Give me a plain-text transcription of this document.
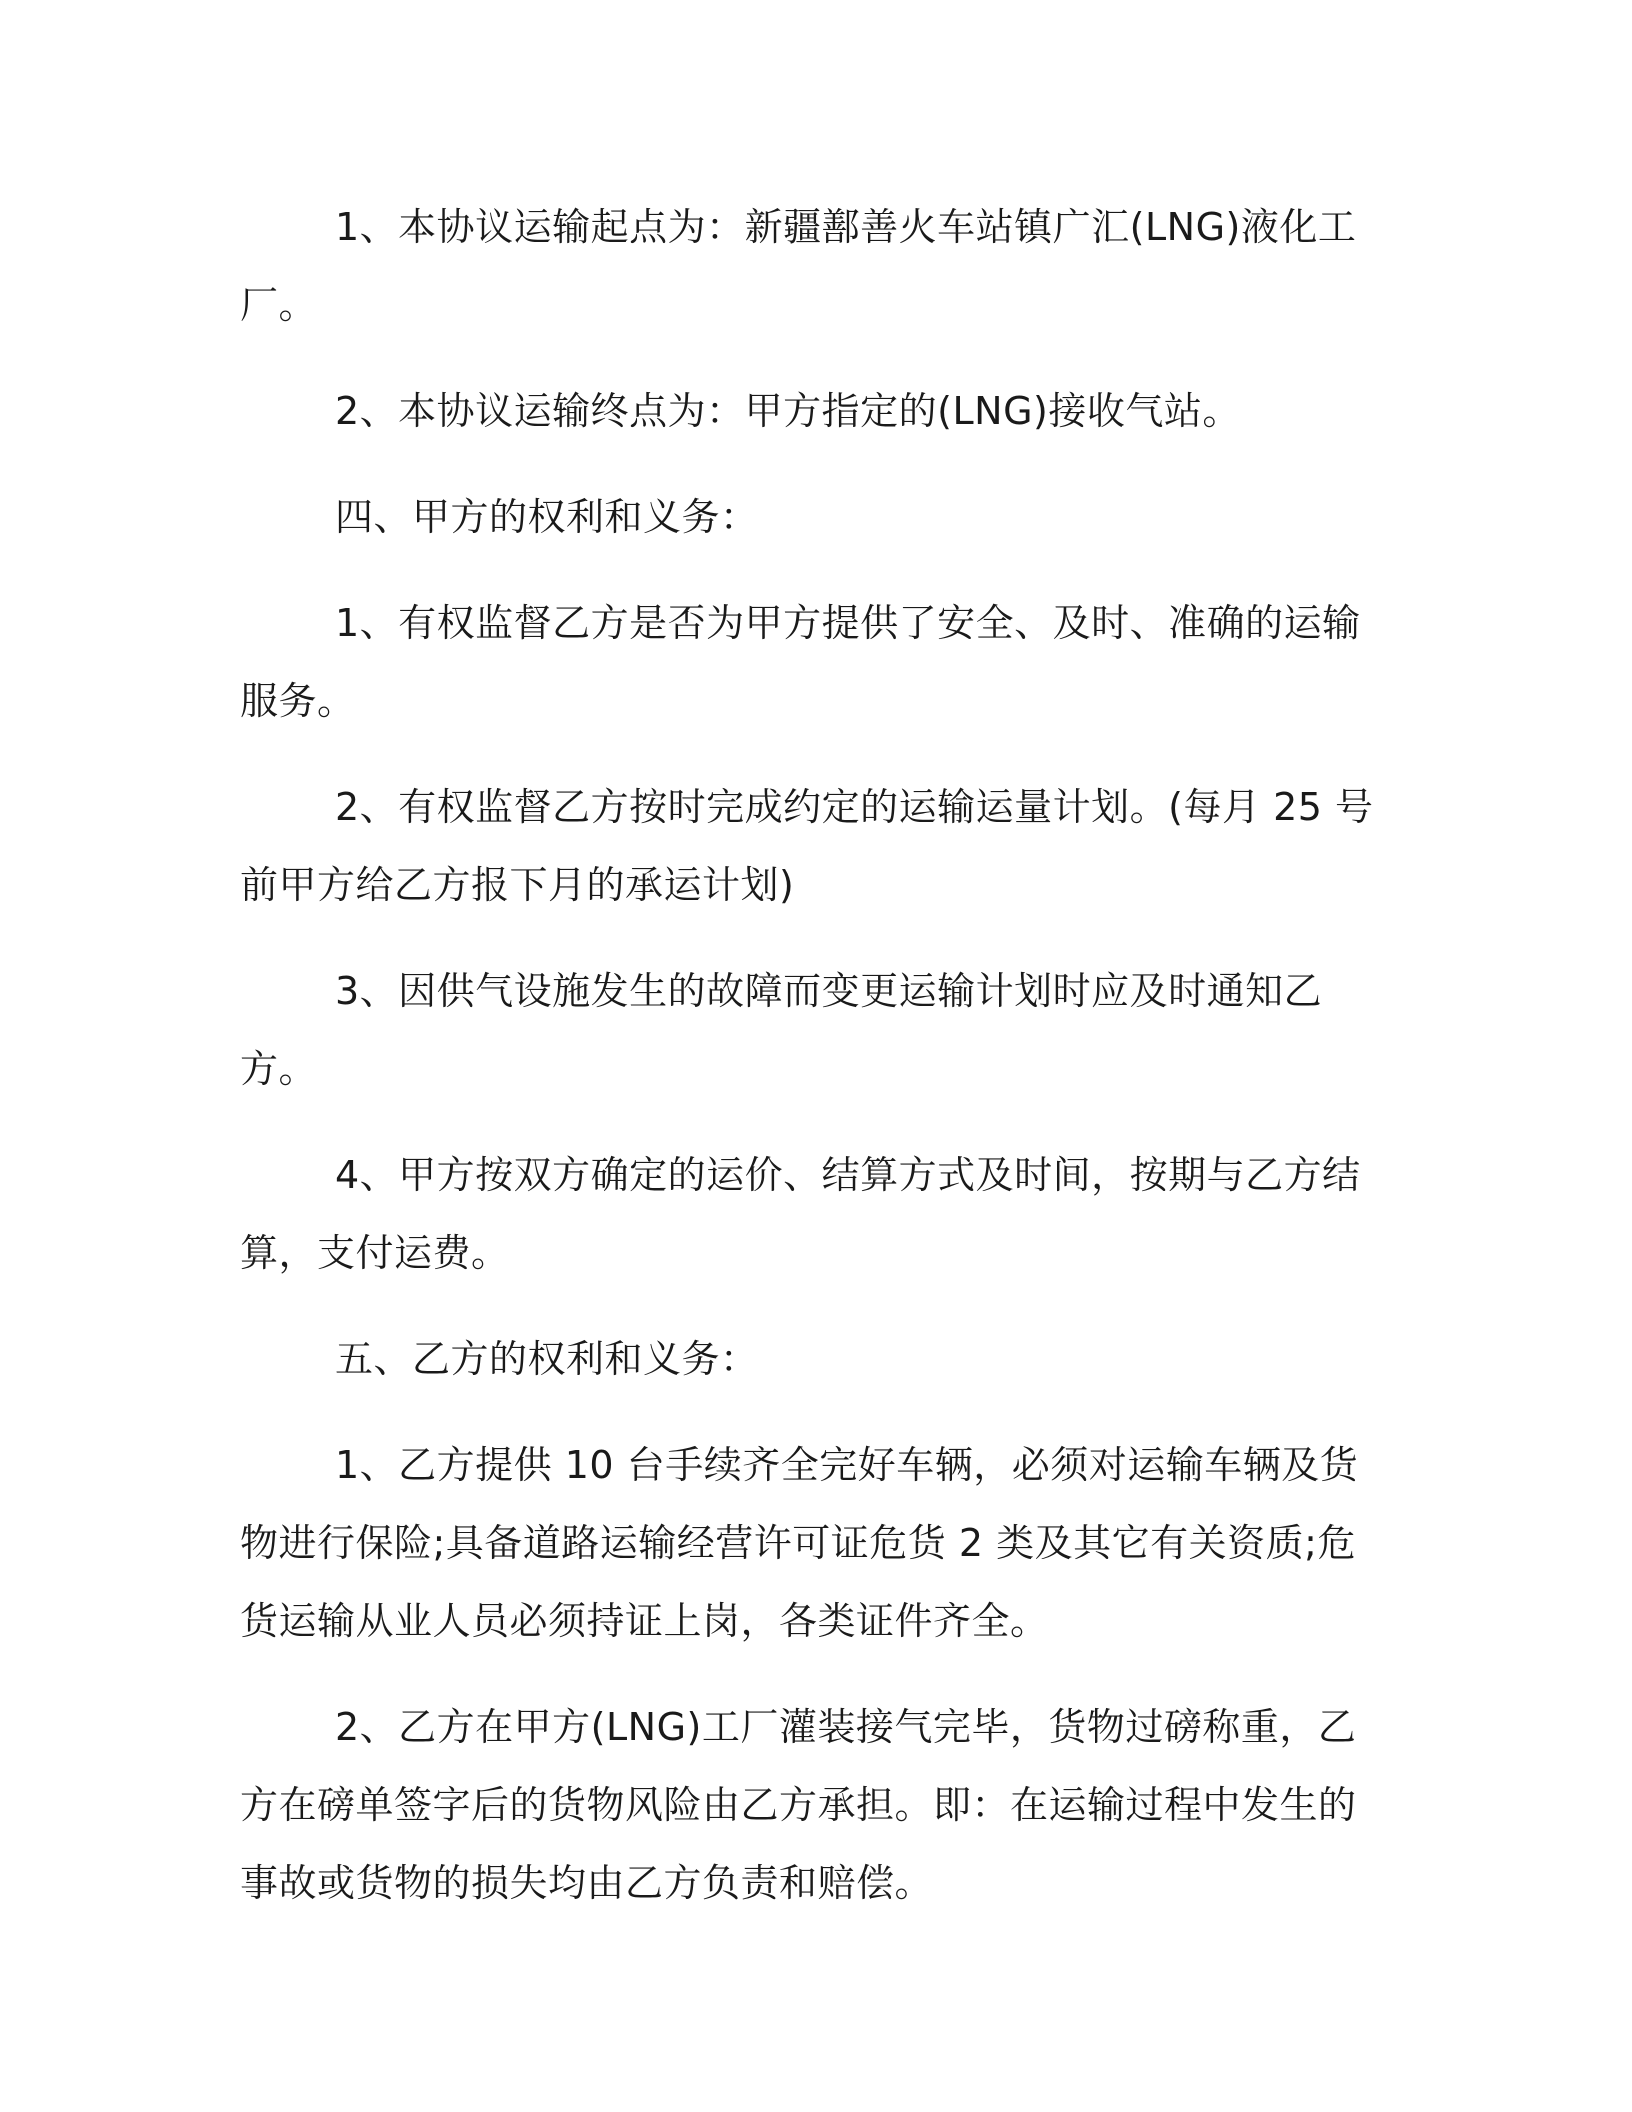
1、本协议运输起点为：新疆鄯善火车站镇广汇(LNG)液化工厂。

2、本协议运输终点为：甲方指定的(LNG)接收气站。

四、甲方的权利和义务：

1、有权监督乙方是否为甲方提供了安全、及时、准确的运输服务。

2、有权监督乙方按时完成约定的运输运量计划。(每月 25 号前甲方给乙方报下月的承运计划)

3、因供气设施发生的故障而变更运输计划时应及时通知乙方。

4、甲方按双方确定的运价、结算方式及时间，按期与乙方结算，支付运费。

五、乙方的权利和义务：

1、乙方提供 10 台手续齐全完好车辆，必须对运输车辆及货物进行保险;具备道路运输经营许可证危货 2 类及其它有关资质;危货运输从业人员必须持证上岗，各类证件齐全。

2、乙方在甲方(LNG)工厂灌装接气完毕，货物过磅称重，乙方在磅单签字后的货物风险由乙方承担。即：在运输过程中发生的事故或货物的损失均由乙方负责和赔偿。
